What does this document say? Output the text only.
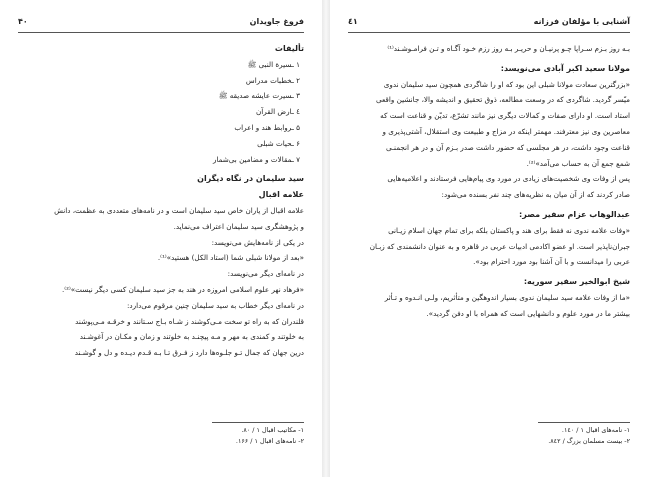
۴۰	فروغ جاویدان

تألیفات

۱ ـسیرة النبی ﷺ

۲ ـخطبات مدراس

۳ ـسیرت عایشه صدیقه ﷺ

٤ ـارض القرآن

۵ ـروابط هند و اعراب

۶ ـحیات شبلی

۷ ـمقالات و مضامین بی‌شمار

سید سلیمان در نگاه دیگران

علامه اقبال

علامه اقبال از یاران خاص سید سلیمان است و در نامه‌های متعددی به عظمت، دانش

و پژوهشگری سید سلیمان اعتراف می‌نماید.

در یکی از نامه‌هایش می‌نویسد:

«بعد از مولانا شبلی شما (استاد الکل) هستید»⁽¹⁾.

در نامه‌ای دیگر می‌نویسد:

«فرهاد نهر علوم اسلامی امروزه در هند به جز سید سلیمان کسی دیگر نیست»⁽²⁾.

در نامه‌ای دیگر خطاب به سید سلیمان چنین مرقوم می‌دارد:

قلندران که به راه تو سخت مـی‌کوشند ز شـاه بـاج سـتانند و خرقـه مـی‌پوشند

به خلوتند و کمندی به مهر و مـه پیچنـد به خلوتند و زمان و مکـان در آغوشـند

درین جهان که جمال تـو جلـوه‌ها دارد ز فـرق تـا بـه قـدم دیـده و دل و گوشـند

۱- مکاتیب اقبال ۱ / ۸۰.

۲- نامه‌های اقبال ۱ / ۱۶۶.

٤١	آشنایی با مؤلفان فرزانه

بـه روز بـزم سـراپا چـو پرنیـان و حریـر بـه روز رزم خـود آگـاه و تـن فرامـوشـند⁽¹⁾

مولانا سعید اکبر آبادی می‌نویسد:

«بزرگترین سعادت مولانا شبلی این بود که او را شاگردی همچون سید سلیمان ندوی

میّسر گردید. شاگردی که در وسعت مطالعه، ذوق تحقیق و اندیشه والا، جانشین واقعی

استاد است. او دارای صفات و کمالات دیگری نیز مانند تشرّع، تدیّن و قناعت است که

معاصرین وی نیز معترفند. مهمتر اینکه در مزاج و طبیعت وی استقلال، آشتی‌پذیری و

قناعت وجود داشت، در هر مجلسی که حضور داشت صدر بـزم آن و در هر انجمنـی

شمع جمع آن به حساب می‌آمد»⁽²⁾.

پس از وفات وی شخصیت‌های زیادی در مورد وی پیام‌هایی فرستادند و اعلامیه‌هایی

صادر کردند که از آن میان به نظریه‌های چند نفر بسنده می‌شود:

عبدالوهاب عزام سفیر مصر:

«وفات علامه ندوی نه فقط برای هند و پاکستان بلکه برای تمام جهان اسلام زیـانی

جبران‌ناپذیر است. او عضو اکادمی ادبیات عربی در قاهره و به عنوان دانشمندی که زبـان

عربی را میدانست و با آن آشنا بود مورد احترام بود».

شیخ ابوالخیر سفیر سوریه:

«ما از وفات علامه سید سلیمان ندوی بسیار اندوهگین و متأثریم، ولـی انـدوه و تـأثر

بیشتر ما در مورد علوم و دانشهایی است که همراه با او دفن گردید».

۱- نامه‌های اقبال ۱ / ۱٤۰.

۲- بیست مسلمان بزرگ / ۸٤۲.
